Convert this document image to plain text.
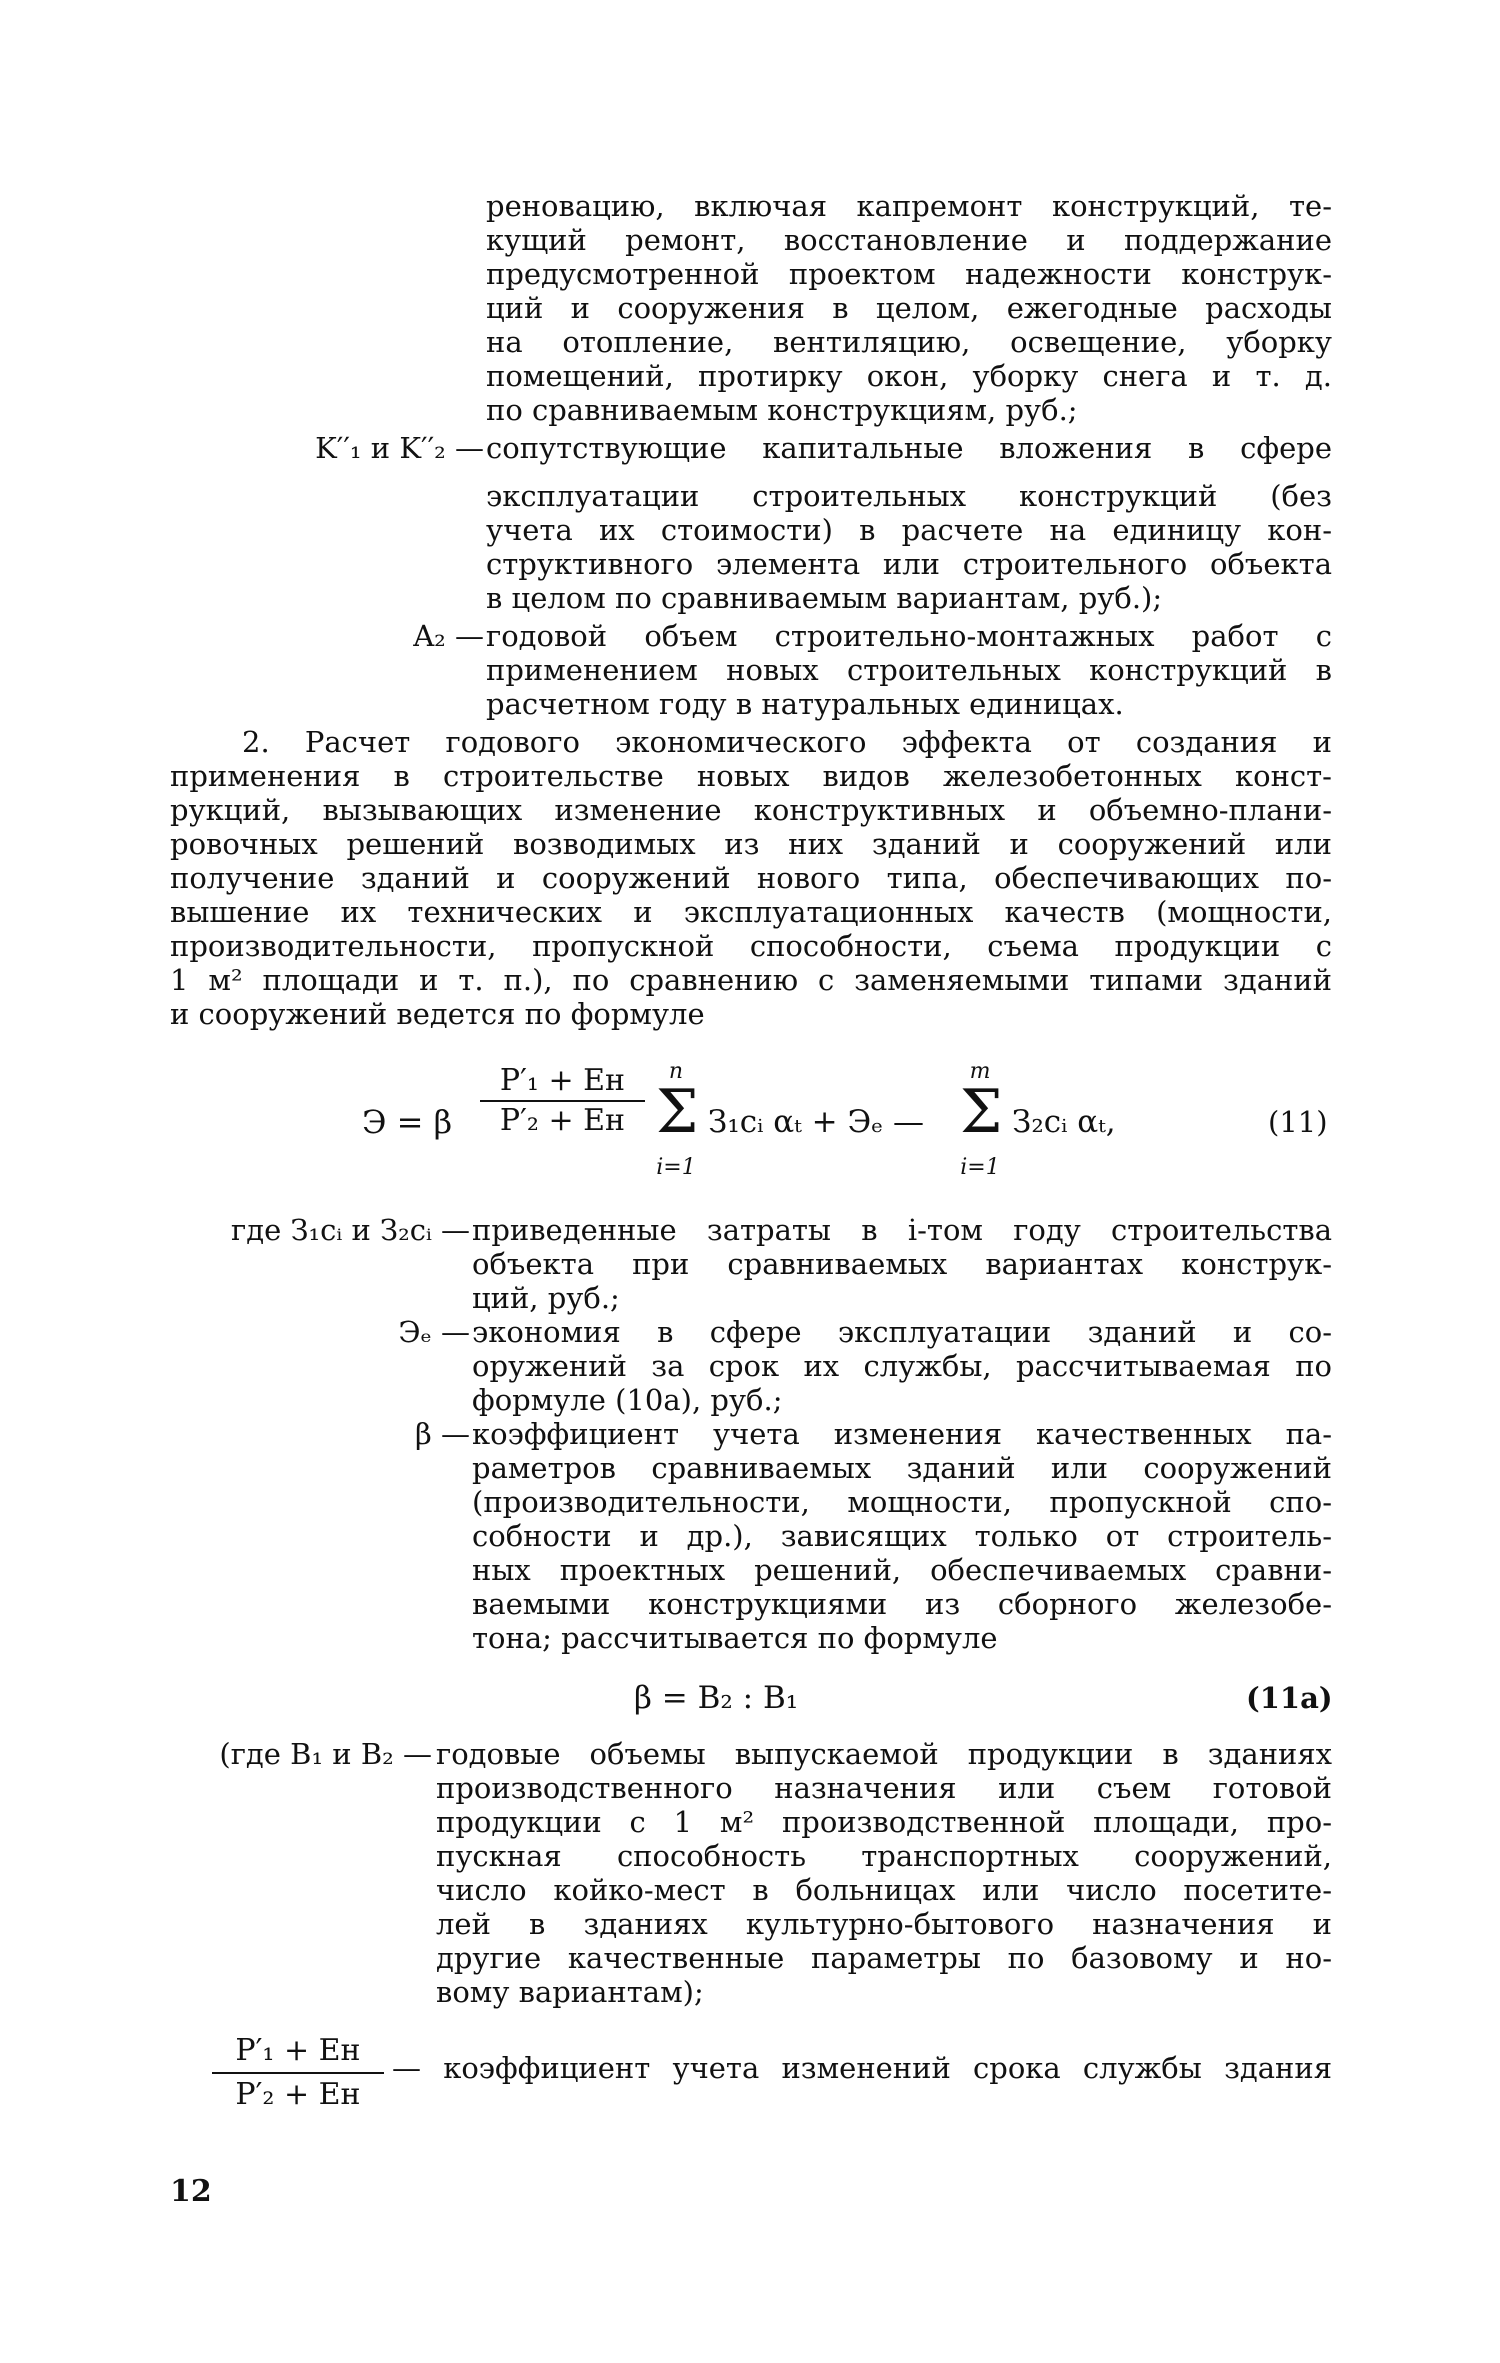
реновацию, включая капремонт конструкций, те-
кущий ремонт, восстановление и поддержание
предусмотренной проектом надежности конструк-
ций и сооружения в целом, ежегодные расходы
на отопление, вентиляцию, освещение, уборку
помещений, протирку окон, уборку снега и т. д.
по сравниваемым конструкциям, руб.;
K′′₁ и K′′₂ — сопутствующие капитальные вложения в сфере
эксплуатации строительных конструкций (без
учета их стоимости) в расчете на единицу кон-
структивного элемента или строительного объекта
в целом по сравниваемым вариантам, руб.);
A₂ — годовой объем строительно-монтажных работ с
применением новых строительных конструкций в
расчетном году в натуральных единицах.
2. Расчет годового экономического эффекта от создания и
применения в строительстве новых видов железобетонных конст-
рукций, вызывающих изменение конструктивных и объемно-плани-
ровочных решений возводимых из них зданий и сооружений или
получение зданий и сооружений нового типа, обеспечивающих по-
вышение их технических и эксплуатационных качеств (мощности,
производительности, пропускной способности, съема продукции с
1 м² площади и т. п.), по сравнению с заменяемыми типами зданий
и сооружений ведется по формуле
Э = β
P′₁ + Eн
P′₂ + Eн
n
Σ
i=1
З₁cᵢ αₜ + Эₑ —
m
Σ
i=1
З₂cᵢ αₜ,	(11)
где З₁cᵢ и З₂cᵢ — приведенные затраты в i-том году строительства
объекта при сравниваемых вариантах конструк-
ций, руб.;
Эₑ — экономия в сфере эксплуатации зданий и со-
оружений за срок их службы, рассчитываемая по
формуле (10а), руб.;
β — коэффициент учета изменения качественных па-
раметров сравниваемых зданий или сооружений
(производительности, мощности, пропускной спо-
собности и др.), зависящих только от строитель-
ных проектных решений, обеспечиваемых сравни-
ваемыми конструкциями из сборного железобе-
тона; рассчитывается по формуле
β = B₂ : B₁	(11a)
(где B₁ и B₂ — годовые объемы выпускаемой продукции в зданиях
производственного назначения или съем готовой
продукции с 1 м² производственной площади, про-
пускная способность транспортных сооружений,
число койко-мест в больницах или число посетите-
лей в зданиях культурно-бытового назначения и
другие качественные параметры по базовому и но-
вому вариантам);
P′₁ + Eн
P′₂ + Eн
— коэффициент учета изменений срока службы здания
12
